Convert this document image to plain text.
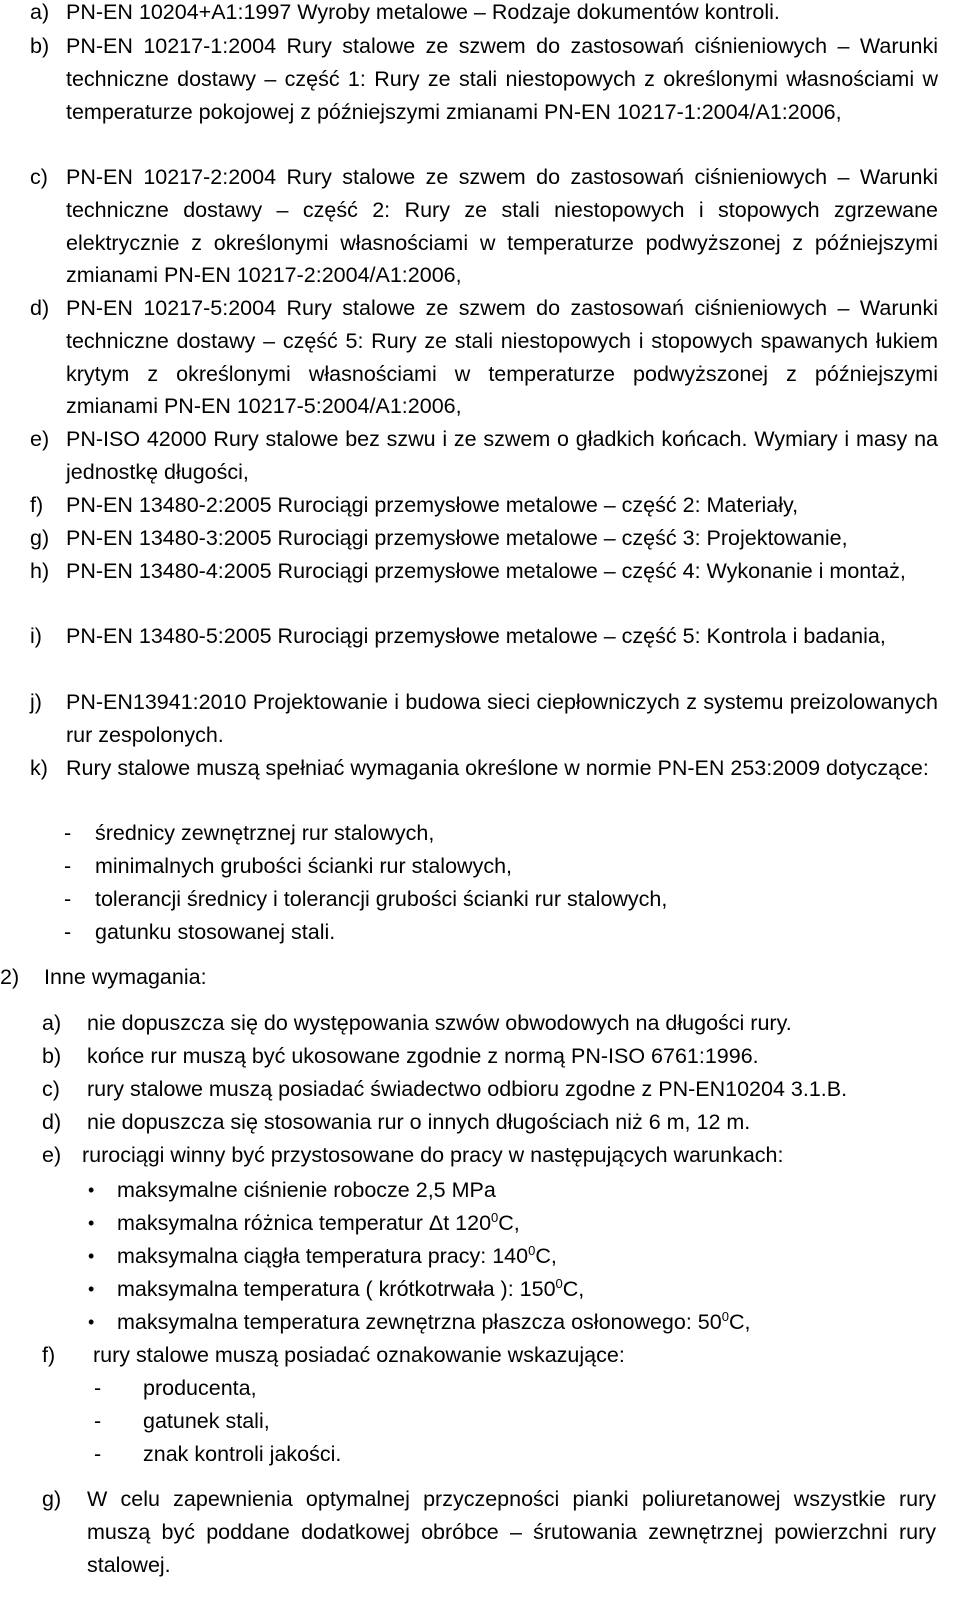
a) PN-EN 10204+A1:1997 Wyroby metalowe – Rodzaje dokumentów kontroli.
b) PN-EN 10217-1:2004 Rury stalowe ze szwem do zastosowań ciśnieniowych – Warunki techniczne dostawy – część 1: Rury ze stali niestopowych z określonymi własnościami w temperaturze pokojowej z późniejszymi zmianami PN-EN 10217-1:2004/A1:2006,
c) PN-EN 10217-2:2004 Rury stalowe ze szwem do zastosowań ciśnieniowych – Warunki techniczne dostawy – część 2: Rury ze stali niestopowych i stopowych zgrzewane elektrycznie z określonymi własnościami w temperaturze podwyższonej z późniejszymi zmianami PN-EN 10217-2:2004/A1:2006,
d) PN-EN 10217-5:2004 Rury stalowe ze szwem do zastosowań ciśnieniowych – Warunki techniczne dostawy – część 5: Rury ze stali niestopowych i stopowych spawanych łukiem krytym z określonymi własnościami w temperaturze podwyższonej z późniejszymi zmianami PN-EN 10217-5:2004/A1:2006,
e) PN-ISO 42000 Rury stalowe bez szwu i ze szwem o gładkich końcach. Wymiary i masy na jednostkę długości,
f) PN-EN 13480-2:2005 Rurociągi przemysłowe metalowe – część 2: Materiały,
g) PN-EN 13480-3:2005 Rurociągi przemysłowe metalowe – część 3: Projektowanie,
h) PN-EN 13480-4:2005 Rurociągi przemysłowe metalowe – część 4: Wykonanie i montaż,
i) PN-EN 13480-5:2005 Rurociągi przemysłowe metalowe – część 5: Kontrola i badania,
j) PN-EN13941:2010 Projektowanie i budowa sieci ciepłowniczych z systemu preizolowanych rur zespolonych.
k) Rury stalowe muszą spełniać wymagania określone w normie PN-EN 253:2009 dotyczące:
- średnicy zewnętrznej rur stalowych,
- minimalnych grubości ścianki rur stalowych,
- tolerancji średnicy i tolerancji grubości ścianki rur stalowych,
- gatunku stosowanej stali.
2) Inne wymagania:
a) nie dopuszcza się do występowania szwów obwodowych na długości rury.
b) końce rur muszą być ukosowane zgodnie z normą PN-ISO 6761:1996.
c) rury stalowe muszą posiadać świadectwo odbioru zgodne z PN-EN10204 3.1.B.
d) nie dopuszcza się stosowania rur o innych długościach niż 6 m, 12 m.
e) rurociągi winny być przystosowane do pracy w następujących warunkach:
• maksymalne ciśnienie robocze 2,5 MPa
• maksymalna różnica temperatur Δt $120^0C$,
• maksymalna ciągła temperatura pracy: $140^0C$,
• maksymalna temperatura ( krótkotrwała ): $150^0C$,
• maksymalna temperatura zewnętrzna płaszcza osłonowego: $50^0C$,
f) rury stalowe muszą posiadać oznakowanie wskazujące:
- producenta,
- gatunek stali,
- znak kontroli jakości.
g) W celu zapewnienia optymalnej przyczepności pianki poliuretanowej wszystkie rury muszą być poddane dodatkowej obróbce – śrutowania zewnętrznej powierzchni rury stalowej.
